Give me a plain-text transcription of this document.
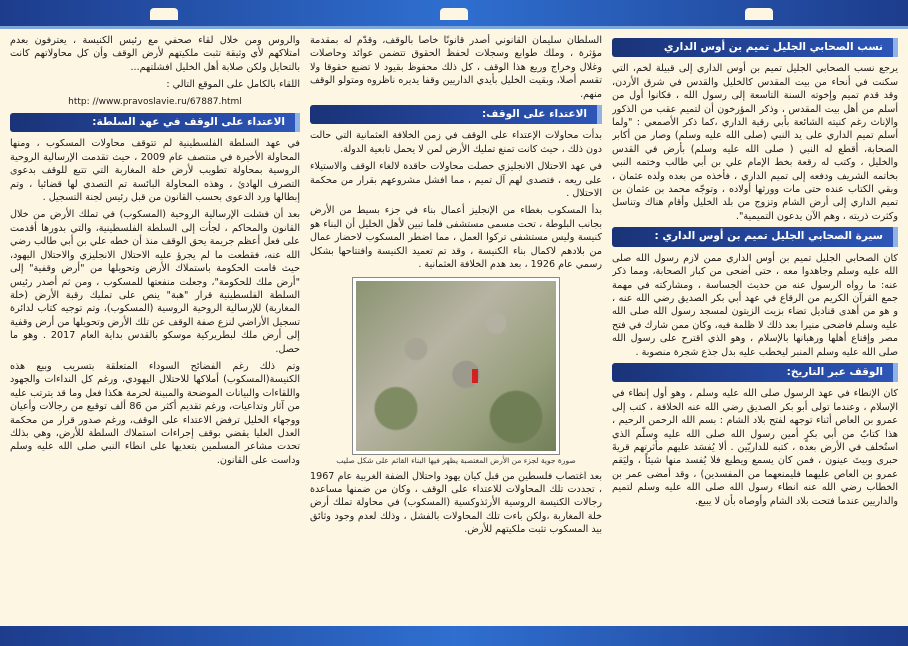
نسب الصحابي الجليل تميم بن أوس الداري

يرجع نسب الصحابي الجليل تميم بن أوس الداري إلى قبيلة لخم، التي سكنت في أنحاء من بيت المقدس كالخليل والقدس في شرق الأردن، وقد قدم تميم وإخوته السنة التاسعة إلى رسول الله ، فكانوا أول من أسلم من أهل بيت المقدس ، وذكر المؤرخون أن لتميم عقب من الذكور والإناث رغم كنيته الشائعة بأبي رقية الداري ،كما ذكر الأصمعي : "ولما أسلم تميم الداري على يد النبي (صلى الله عليه وسلم) وصار من أكابر الصحابة، أقطع له النبي ( صلى الله عليه وسلم) بأرض في القدس والخليل ، وكتب له رقعة بخط الإمام علي بن أبي طالب وختمه النبي بخاتمه الشريف ودفعه إلى تميم الداري ، فأخذه من بعده ولده عثمان ، وبقي الكتاب عنده حتى مات وورثها أولاده ، وتوجّه محمد بن عثمان بن تميم الداري إلى أرض الشام وتزوج من بلد الخليل وأقام هناك وتناسل وكثرت ذريته ، وهم الآن يدعون التميمية".

سيرة الصحابي الجليل تميم بن أوس الداري :

كان الصحابي الجليل تميم بن أوس الداري ممن لازم رسول الله صلى الله عليه وسلم وجاهدوا معه ، حتى أضحى من كبار الصحابة، ومما ذكر عنه: ما رواه الرسول عنه من حديث الجساسة ، ومشاركته في مهمة جمع القرآن الكريم من الرقاع في عهد أبي بكر الصديق رضي الله عنه ، و هو من أهدى قناديل تضاء بزيت الزيتون لمسجد رسول الله صلى الله عليه وسلم فاضحى منيرا بعد ذلك لا ظلمة فيه، وكان ممن شارك في فتح مصر وإقناع أهلها ورهبانها بالإسلام ، وهو الذي اقترح على رسول الله صلى الله عليه وسلم المنبر ليخطب عليه بدل جذع شجرة منصوبة .

الوقف عبر التاريخ:

كان الإنطاء في عهد الرسول صلى الله عليه وسلم ، وهو أول إنطاء في الإسلام ، وعندما تولى أبو بكر الصديق رضي الله عنه الخلافة ، كتب إلى عمرو بن العاص أثناء توجهه لفتح بلاد الشام : بسم الله الرحمن الرحيم ، هذا كتابٌ من أبي بكرٍ أمين رسول الله صلى الله عليه وسلّم الذي استُخلف في الأرض بعده ، كتبه للداريّين . ألا يُفسَد عليهم مأثرتهم قريةَ حبرى وبيتَ عينون ، فمن كان يسمع ويطيع فلا يُفسد منها شيئاً ، وليَقم عمرو بن العاص عليهما فليمنعهما من المفسدين) ، وقد أمضى عمر بن الخطاب رضي الله عنه انطاء رسول الله صلى الله عليه وسلم لتميم والداريين عندما فتحت بلاد الشام وأوصاه بأن لا يبيع.

السلطان سليمان القانوني أصدر قانونًا خاصا بالوقف، وقدّم له بمقدمة مؤثرة ، وملك طوابع وسجلات لحفظ الحقوق تتضمن عوائد وحاصلات وغلال وخراج وريع هذا الوقف ، كل ذلك محفوظ بقيود لا تضيع حقوقا ولا تقسم أصلا، وبقيت الخليل بأيدي الداريين وقفا يديره ناظروه ومتولو الوقف منهم.

الاعتداء على الوقف:

بدأت محاولات الإعتداء على الوقف في زمن الخلافة العثمانية التي حالت دون ذلك ، حيث كانت تمنع تمليك الأرض لمن لا يحمل تابعية الدولة.

في عهد الاحتلال الانجليزي حصلت محاولات حاقدة لالغاء الوقف والاستيلاء على ريعه ، فتصدى لهم آل تميم ، مما افشل مشروعهم بقرار من محكمة الاحتلال .

بدأ المسكوب بغطاء من الإنجليز أعمال بناء في جزء بسيط من الأرض بجانب البلوطة ، تحت مسمى مستشفى فلما تبين لأهل الخليل أن البناء هو كنيسة وليس مستشفى تركوا العمل ، مما اضطر المسكوب لاحضار عمال من بلادهم لاكمال بناء الكنيسة ، وقد تم تعميد الكنيسة وافتتاحها بشكل رسمي عام 1926 ، بعد هدم الخلافة العثمانية .

صورة جوية لجزء من الأرض المغتصبة يظهر فيها البناء القائم على شكل صليب

بعد اغتصاب فلسطين من قبل كيان يهود واحتلال الضفة الغربية عام 1967 ، تجددت تلك المحاولات للاعتداء على الوقف ، وكان من ضمنها مساعدة رجالات الكنيسة الروسية الأرثذوكسية (المسكوب) في محاولة تملك أرض خلة المغاربة ،ولكن باءت تلك المحاولات بالفشل ، وذلك لعدم وجود وثائق بيد المسكوب تثبت ملكيتهم للأرض.

والروس ومن خلال لقاء صحفي مع رئيس الكنيسة ، يعترفون بعدم امتلاكهم لأي وثيقة تثبت ملكيتهم لأرض الوقف وأن كل محاولاتهم كانت بالتحايل ولكن صلابة أهل الخليل افشلتهم...

اللقاء بالكامل على الموقع التالي :

http: //www.pravoslavie.ru/67887.html

الاعتداء على الوقف في عهد السلطة:

في عهد السلطة الفلسطينية لم تتوقف محاولات المسكوب ، ومنها المحاولة الأخيرة في منتصف عام 2009 ، حيث تقدمت الإرسالية الروحية الروسية بمحاولة تطويب لأرض خلة المغاربة التي تتبع للوقف بدعوى التصرف الهادئ ، وهذه المحاولة البائسة تم التصدي لها قضائيا ، وتم إبطالها ورد الدعوى بحسب القانون من قبل رئيس لجنة التسجيل .

بعد أن فشلت الإرسالية الروحية (المسكوب) في تملك الأرض من خلال القانون والمحاكم ، لجأت إلى السلطة الفلسطينية، والتي بدورها أقدمت على فعل أعظم جريمة يحق الوقف منذ أن خطه علي بن أبي طالب رضي الله عنه، فقطعت ما لم يجرؤ عليه الاحتلال الانجليزي والاحتلال اليهود، حيث قامت الحكومة باستملاك الأرض وتحويلها من "أرض وقفية" إلى "أرض ملك للحكومة"، وجعلت منفعتها للمسكوب ، ومن ثم أصدر رئيس السلطة الفلسطينية قرار "هبة" ينص على تمليك رقبة الأرض (خلة المغاربة) للإرسالية الروحية الروسية (المسكوب)، وتم توجيه كتاب لدائرة تسجيل الأراضي لنزع صفة الوقف عن تلك الأرض وتحويلها من أرض وقفية إلى أرض ملك لبطريركية موسكو بالقدس بداية العام 2017 . وهو ما حصل.

وتم ذلك رغم الفضائح السوداء المتعلقة بتسريب وبيع هذه الكنيسة(المسكوب) أملاكها للاحتلال اليهودي، ورغم كل النداءات والجهود واللقاءات والبيانات الموضحة والمبينة لحرمة هكذا فعل وما قد يترتب عليه من آثار وتداعيات، ورغم تقديم أكثر من 86 ألف توقيع من رجالات وأعيان ووجهاء الخليل ترفض الاعتداء على الوقف، ورغم صدور قرار من محكمة العدل العليا يقضي بوقف إجراءات استملاك السلطة للأرض، وهي بذلك تحدت مشاعر المسلمين بتعديها على انطاء النبي صلى الله عليه وسلم وداست على القانون.
